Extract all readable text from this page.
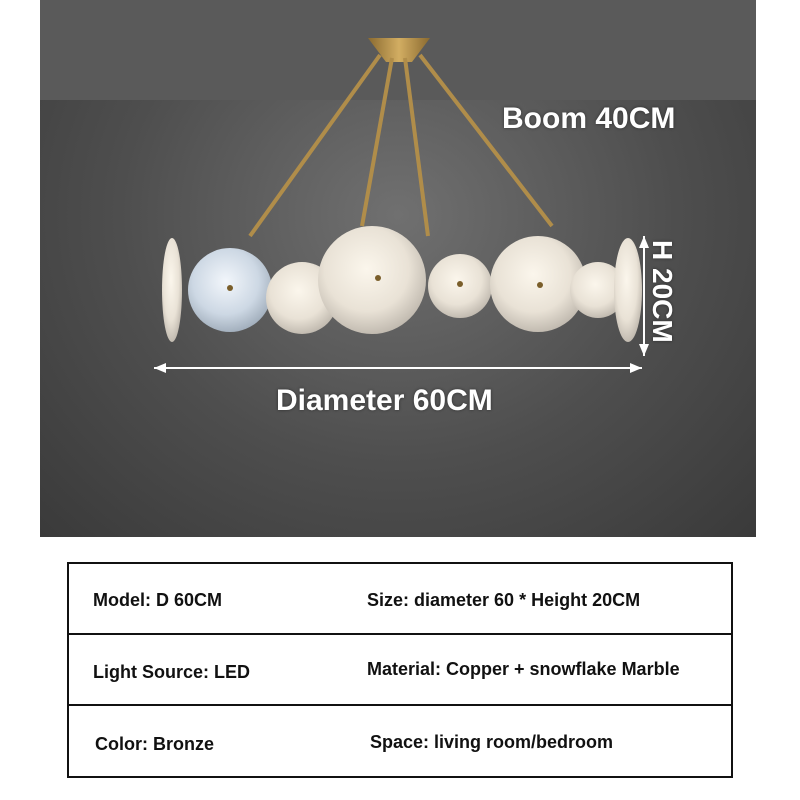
Boom 40CM
Diameter 60CM
H 20CM
Model: D 60CM	Size: diameter 60 * Height 20CM
Light Source: LED	Material: Copper + snowflake Marble
Color: Bronze	Space: living room/bedroom
